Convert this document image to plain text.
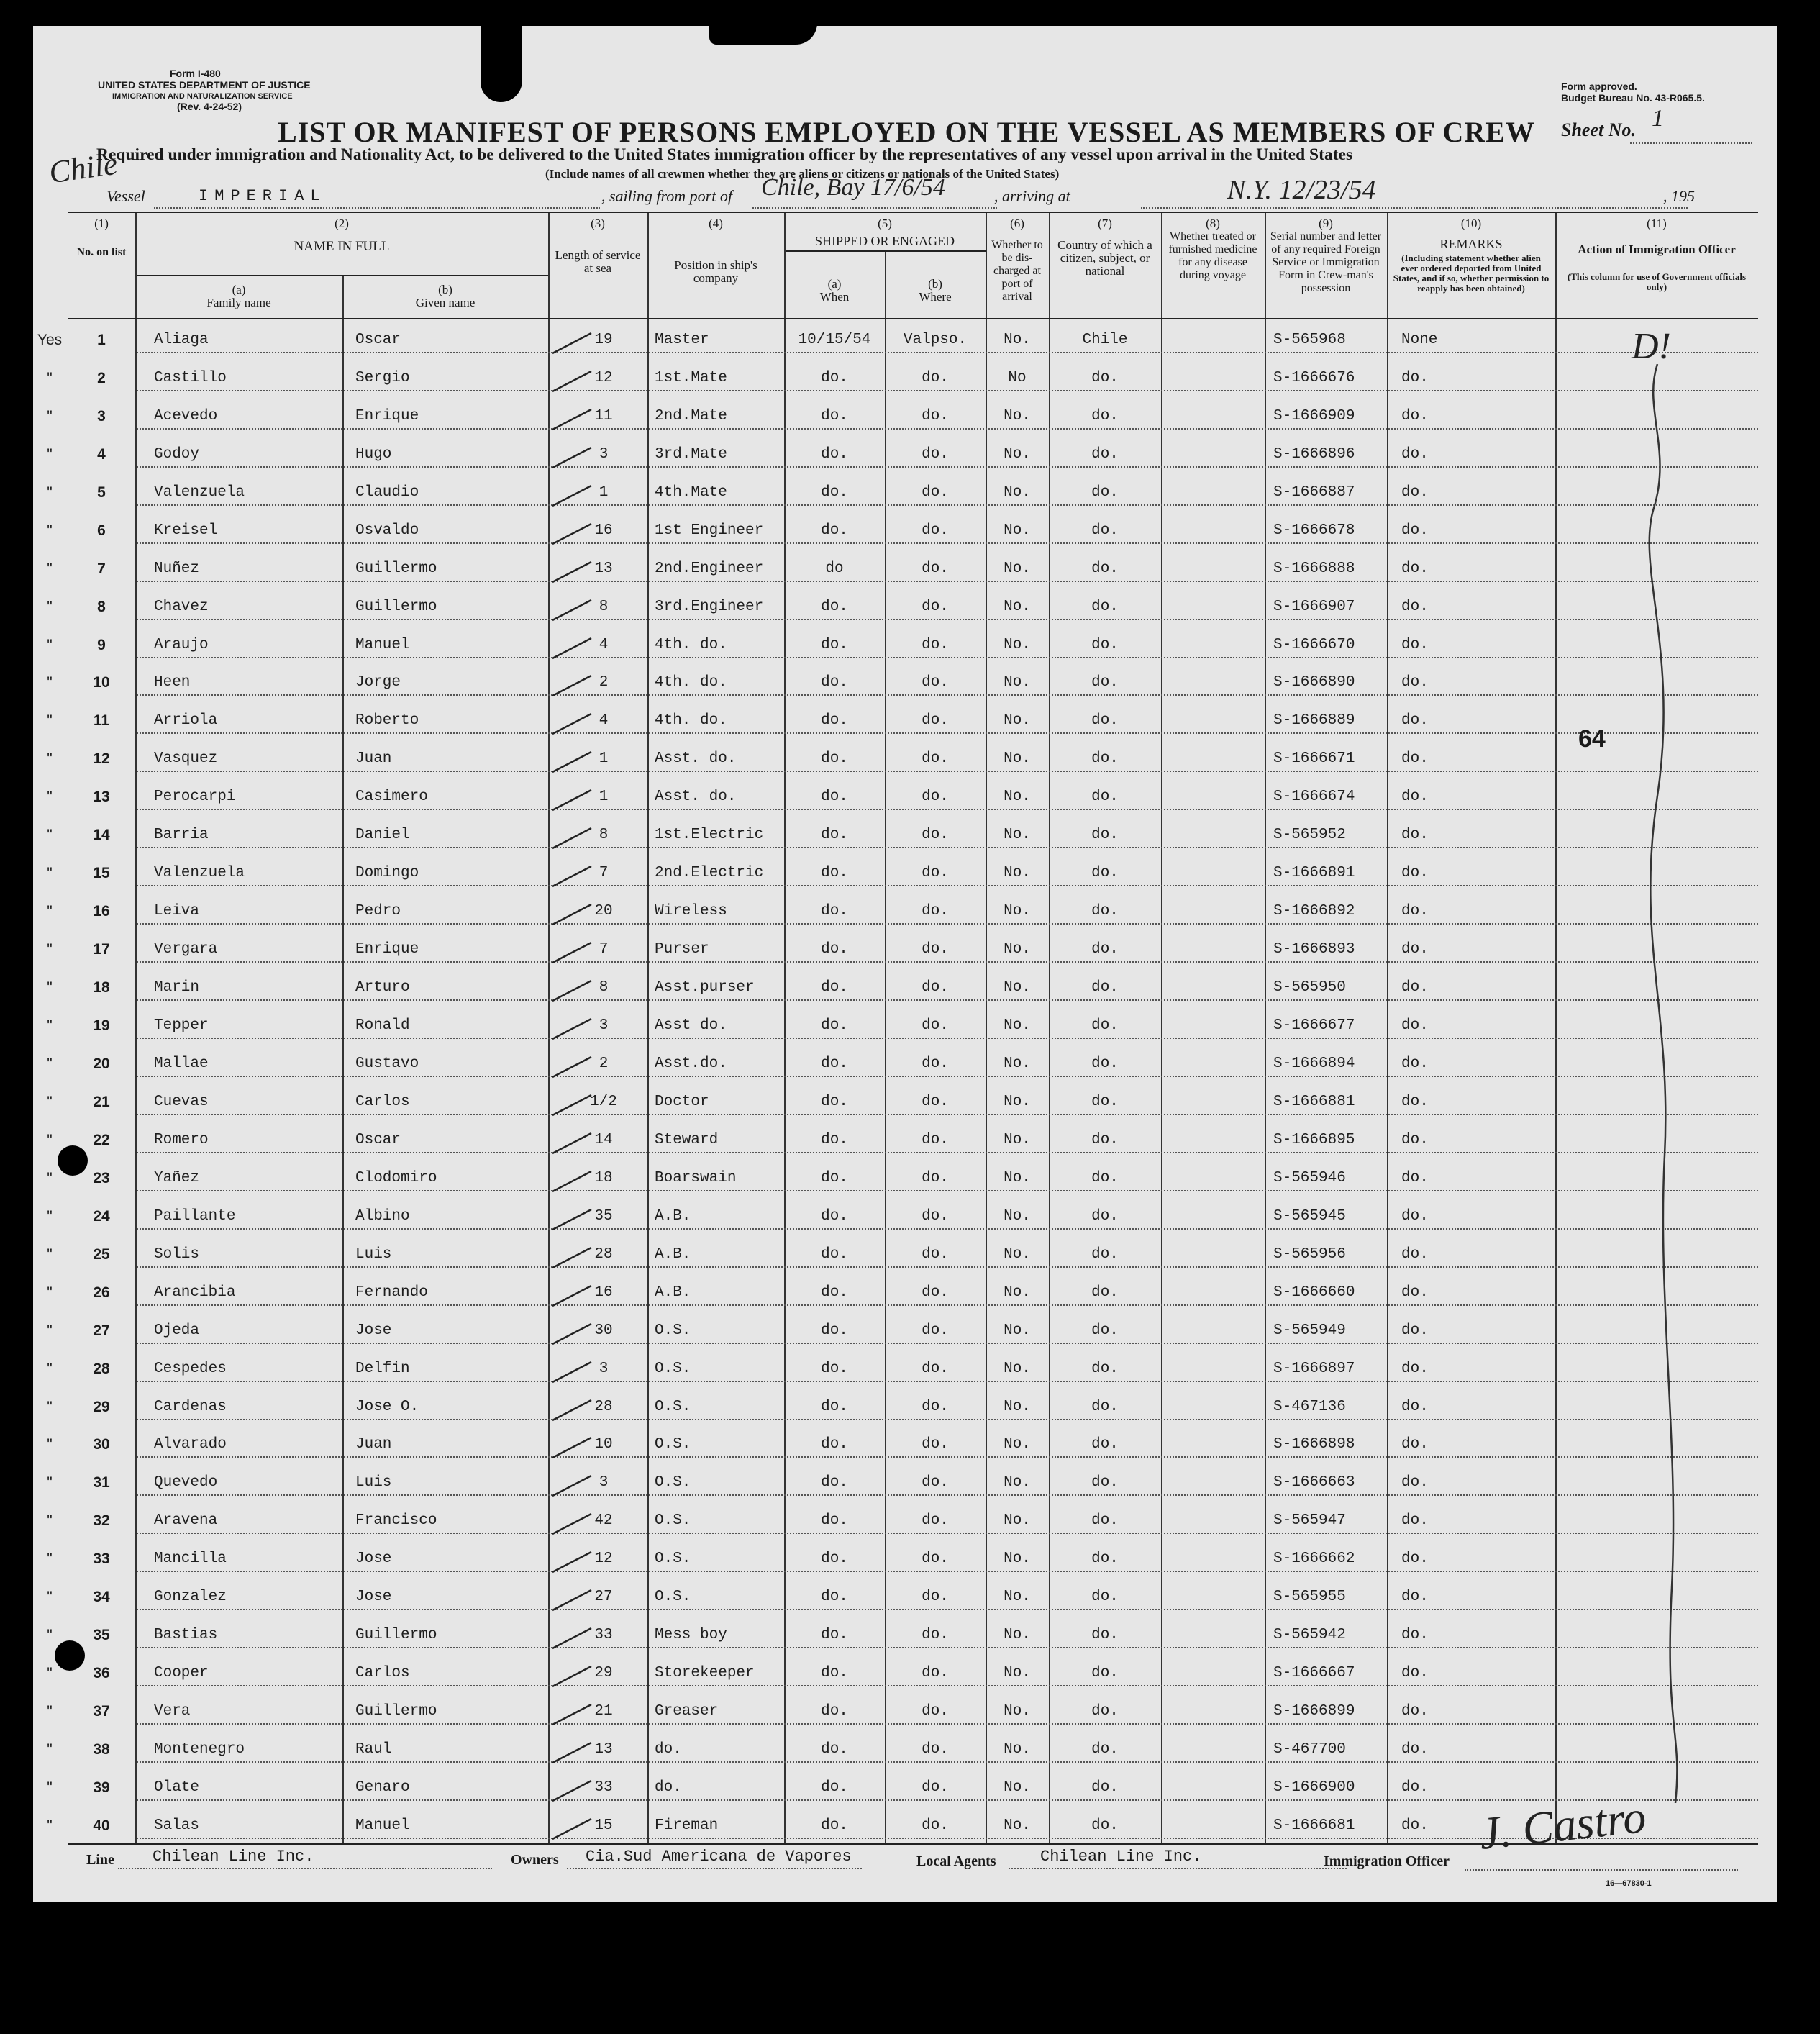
Form I-480
UNITED STATES DEPARTMENT OF JUSTICE
IMMIGRATION AND NATURALIZATION SERVICE
(Rev. 4-24-52)
Form approved.
Budget Bureau No. 43-R065.5.
Chile
LIST OR MANIFEST OF PERSONS EMPLOYED ON THE VESSEL AS MEMBERS OF CREW Sheet No. 1
Required under immigration and Nationality Act, to be delivered to the United States immigration officer by the representatives of any vessel upon arrival in the United States
(Include names of all crewmen whether they are aliens or citizens or nationals of the United States)
Vessel	IMPERIAL	, sailing from port of Chile, Bay 17/6/54	, arriving at	N.Y. 12/23/54	, 195
(1)
No. on list
(2)
NAME IN FULL
(a)
Family name
(b)
Given name
(3)
Length of service at sea
(4)
Position in ship's company
(5)
SHIPPED OR ENGAGED
(a)
When
(b)
Where
(6)
Whether to be dis-charged at port of arrival
(7)
Country of which a citizen, subject, or national
(8)
Whether treated or furnished medicine for any disease during voyage
(9)
Serial number and letter of any required Foreign Service or Immigration Form in Crew-man's possession
(10)
REMARKS
(Including statement whether alien ever ordered deported from United States, and if so, whether permission to reapply has been obtained)
(11)
Action of Immigration Officer
(This column for use of Government officials only)
1	Aliaga	Oscar	19	Master	10/15/54	Valpso.	No.	Chile	S-565968	None
Yes
2	Castillo	Sergio	12	1st.Mate	do.	do.	No	do.	S-1666676	do.
"
3	Acevedo	Enrique	11	2nd.Mate	do.	do.	No.	do.	S-1666909	do.
"
4	Godoy	Hugo	3	3rd.Mate	do.	do.	No.	do.	S-1666896	do.
"
5	Valenzuela	Claudio	1	4th.Mate	do.	do.	No.	do.	S-1666887	do.
"
6	Kreisel	Osvaldo	16	1st Engineer	do.	do.	No.	do.	S-1666678	do.
"
7	Nuñez	Guillermo	13	2nd.Engineer	do	do.	No.	do.	S-1666888	do.
"
8	Chavez	Guillermo	8	3rd.Engineer	do.	do.	No.	do.	S-1666907	do.
"
9	Araujo	Manuel	4	4th. do.	do.	do.	No.	do.	S-1666670	do.
"
10	Heen	Jorge	2	4th. do.	do.	do.	No.	do.	S-1666890	do.
"
11	Arriola	Roberto	4	4th. do.	do.	do.	No.	do.	S-1666889	do.
"
12	Vasquez	Juan	1	Asst. do.	do.	do.	No.	do.	S-1666671	do.
"
13	Perocarpi	Casimero	1	Asst. do.	do.	do.	No.	do.	S-1666674	do.
"
14	Barria	Daniel	8	1st.Electric	do.	do.	No.	do.	S-565952	do.
"
15	Valenzuela	Domingo	7	2nd.Electric	do.	do.	No.	do.	S-1666891	do.
"
16	Leiva	Pedro	20	Wireless	do.	do.	No.	do.	S-1666892	do.
"
17	Vergara	Enrique	7	Purser	do.	do.	No.	do.	S-1666893	do.
"
18	Marin	Arturo	8	Asst.purser	do.	do.	No.	do.	S-565950	do.
"
19	Tepper	Ronald	3	Asst do.	do.	do.	No.	do.	S-1666677	do.
"
20	Mallae	Gustavo	2	Asst.do.	do.	do.	No.	do.	S-1666894	do.
"
21	Cuevas	Carlos	1/2	Doctor	do.	do.	No.	do.	S-1666881	do.
"
22	Romero	Oscar	14	Steward	do.	do.	No.	do.	S-1666895	do.
"
23	Yañez	Clodomiro	18	Boarswain	do.	do.	No.	do.	S-565946	do.
"
24	Paillante	Albino	35	A.B.	do.	do.	No.	do.	S-565945	do.
"
25	Solis	Luis	28	A.B.	do.	do.	No.	do.	S-565956	do.
"
26	Arancibia	Fernando	16	A.B.	do.	do.	No.	do.	S-1666660	do.
"
27	Ojeda	Jose	30	O.S.	do.	do.	No.	do.	S-565949	do.
"
28	Cespedes	Delfin	3	O.S.	do.	do.	No.	do.	S-1666897	do.
"
29	Cardenas	Jose O.	28	O.S.	do.	do.	No.	do.	S-467136	do.
"
30	Alvarado	Juan	10	O.S.	do.	do.	No.	do.	S-1666898	do.
"
31	Quevedo	Luis	3	O.S.	do.	do.	No.	do.	S-1666663	do.
"
32	Aravena	Francisco	42	O.S.	do.	do.	No.	do.	S-565947	do.
"
33	Mancilla	Jose	12	O.S.	do.	do.	No.	do.	S-1666662	do.
"
34	Gonzalez	Jose	27	O.S.	do.	do.	No.	do.	S-565955	do.
"
35	Bastias	Guillermo	33	Mess boy	do.	do.	No.	do.	S-565942	do.
"
36	Cooper	Carlos	29	Storekeeper	do.	do.	No.	do.	S-1666667	do.
"
37	Vera	Guillermo	21	Greaser	do.	do.	No.	do.	S-1666899	do.
"
38	Montenegro	Raul	13	do.	do.	do.	No.	do.	S-467700	do.
"
39	Olate	Genaro	33	do.	do.	do.	No.	do.	S-1666900	do.
"
40	Salas	Manuel	15	Fireman	do.	do.	No.	do.	S-1666681	do.
"
64
D!
Line Chilean Line Inc.	Owners Cia.Sud Americana de Vapores	Local Agents	Chilean Line Inc.	Immigration Officer
J. Castro
16—67830-1
